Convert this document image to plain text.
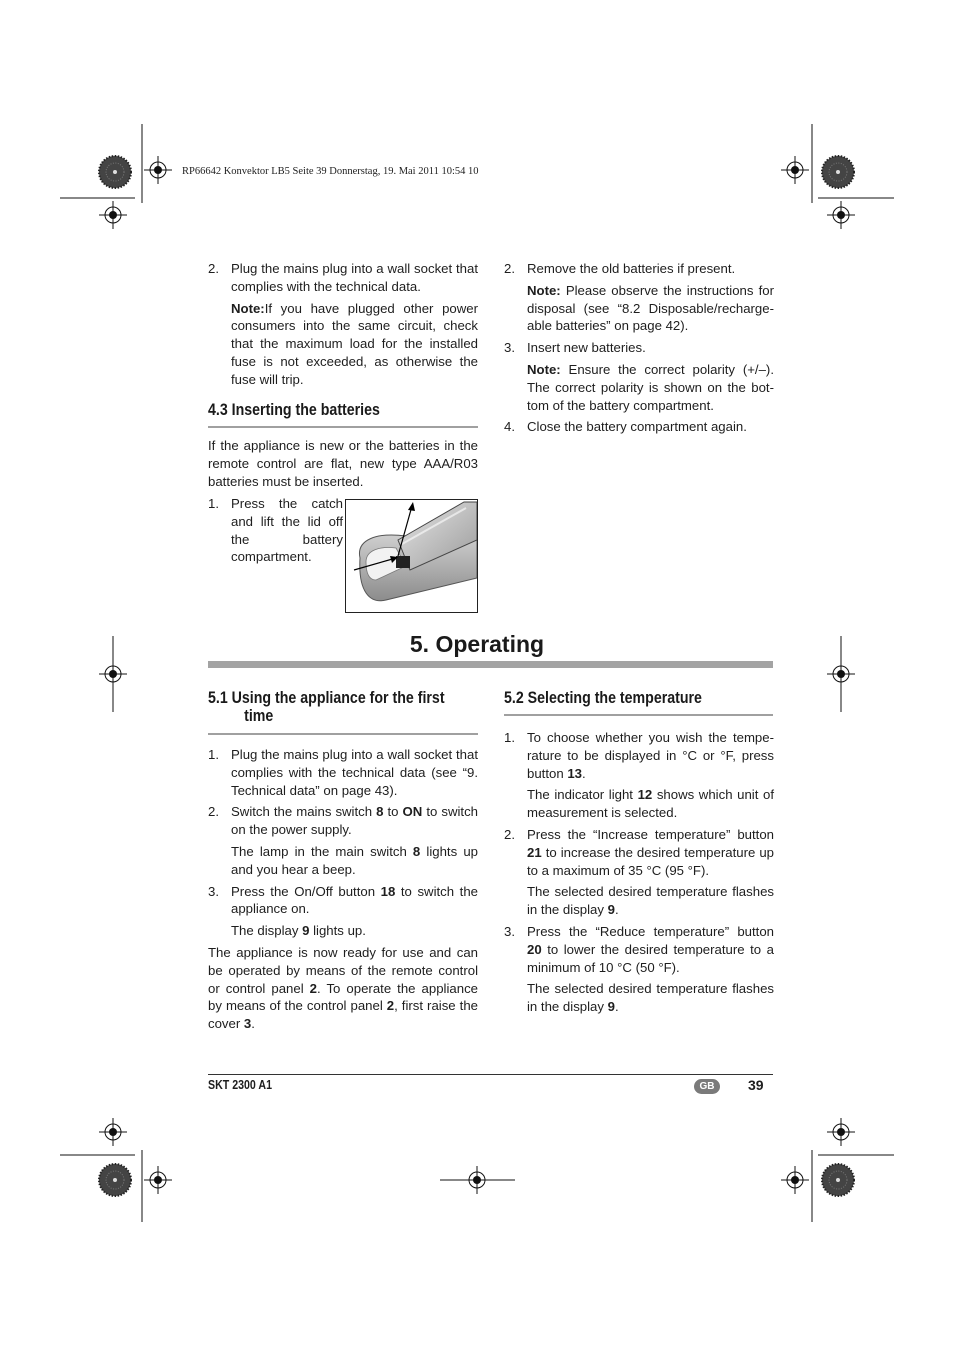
RP66642 Konvektor LB5 Seite 39 Donnerstag, 19. Mai 2011 10:54 10
2. Plug the mains plug into a wall socket that complies with the technical data.
Note:If you have plugged other power consumers into the same circuit, check that the maximum load for the installed fuse is not exceeded, as otherwise the fuse will trip.
4.3 Inserting the batteries
If the appliance is new or the batteries in the remote control are flat, new type AAA/R03 batteries must be inserted.
1. Press the catch and lift the lid off the battery compartment.
2. Remove the old batteries if present.
Note: Please observe the instructions for disposal (see “8.2 Disposable/recharge-able batteries” on page 42).
3. Insert new batteries.
Note: Ensure the correct polarity (+/–). The correct polarity is shown on the bot-tom of the battery compartment.
4. Close the battery compartment again.
5. Operating
5.1 Using the appliance for the first
time
1. Plug the mains plug into a wall socket that complies with the technical data (see “9. Technical data” on page 43).
2. Switch the mains switch 8 to ON to switch on the power supply.
The lamp in the main switch 8 lights up and you hear a beep.
3. Press the On/Off button 18 to switch the appliance on.
The display 9 lights up.
The appliance is now ready for use and can be operated by means of the remote control or control panel 2. To operate the appliance by means of the control panel 2, first raise the cover 3.
5.2 Selecting the temperature
1. To choose whether you wish the tempe-rature to be displayed in °C or °F, press button 13.
The indicator light 12 shows which unit of measurement is selected.
2. Press the “Increase temperature” button 21 to increase the desired temperature up to a maximum of 35 °C (95 °F).
The selected desired temperature flashes in the display 9.
3. Press the “Reduce temperature” button 20 to lower the desired temperature to a minimum of 10 °C (50 °F).
The selected desired temperature flashes in the display 9.
SKT 2300 A1	GB	39
